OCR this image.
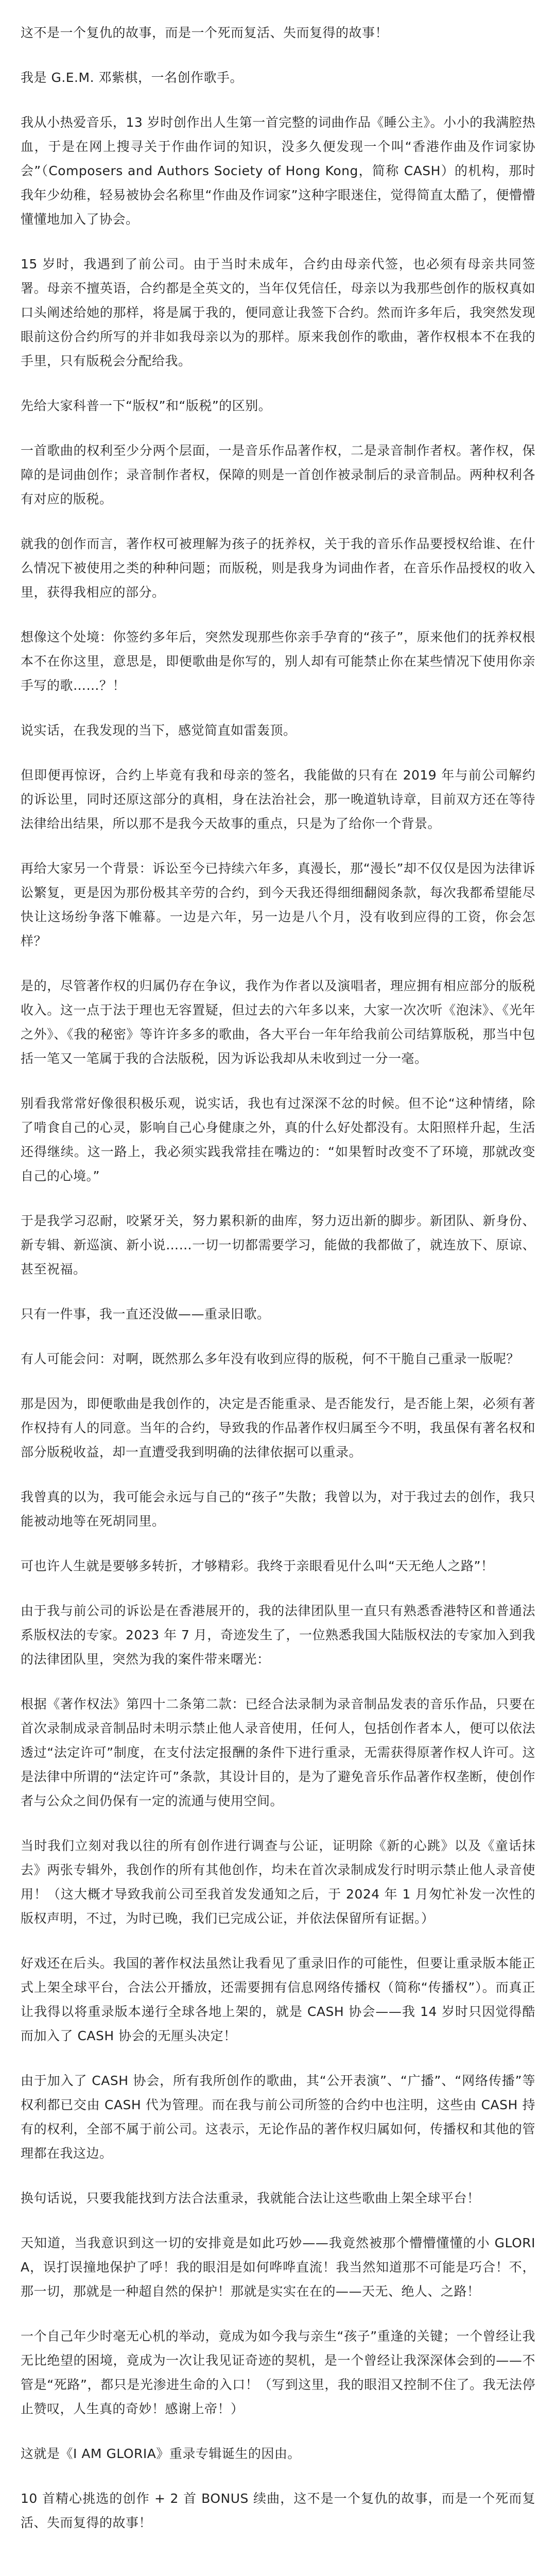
这不是一个复仇的故事，而是一个死而复活、失而复得的故事！

我是 G.E.M. 邓紫棋，一名创作歌手。

我从小热爱音乐，13 岁时创作出人生第一首完整的词曲作品《睡公主》。小小的我满腔热血，于是在网上搜寻关于作曲作词的知识，没多久便发现一个叫“香港作曲及作词家协会”（Composers and Authors Society of Hong Kong，简称 CASH）的机构，那时我年少幼稚，轻易被协会名称里“作曲及作词家”这种字眼迷住，觉得简直太酷了，便懵懵懂懂地加入了协会。

15 岁时，我遇到了前公司。由于当时未成年，合约由母亲代签，也必须有母亲共同签署。母亲不擅英语，合约都是全英文的，当年仅凭信任，母亲以为我那些创作的版权真如口头阐述给她的那样，将是属于我的，便同意让我签下合约。然而许多年后，我突然发现眼前这份合约所写的并非如我母亲以为的那样。原来我创作的歌曲，著作权根本不在我的手里，只有版税会分配给我。

先给大家科普一下“版权”和“版税”的区别。

一首歌曲的权利至少分两个层面，一是音乐作品著作权，二是录音制作者权。著作权，保障的是词曲创作；录音制作者权，保障的则是一首创作被录制后的录音制品。两种权利各有对应的版税。

就我的创作而言，著作权可被理解为孩子的抚养权，关于我的音乐作品要授权给谁、在什么情况下被使用之类的种种问题；而版税，则是我身为词曲作者，在音乐作品授权的收入里，获得我相应的部分。

想像这个处境：你签约多年后，突然发现那些你亲手孕育的“孩子”，原来他们的抚养权根本不在你这里，意思是，即便歌曲是你写的，别人却有可能禁止你在某些情况下使用你亲手写的歌……？！

说实话，在我发现的当下，感觉简直如雷轰顶。

但即便再惊讶，合约上毕竟有我和母亲的签名，我能做的只有在 2019 年与前公司解约的诉讼里，同时还原这部分的真相，身在法治社会，那一晚道轨诗章，目前双方还在等待法律给出结果，所以那不是我今天故事的重点，只是为了给你一个背景。

再给大家另一个背景：诉讼至今已持续六年多，真漫长，那“漫长”却不仅仅是因为法律诉讼繁复，更是因为那份极其辛劳的合约，到今天我还得细细翻阅条款，每次我都希望能尽快让这场纷争落下帷幕。一边是六年，另一边是八个月，没有收到应得的工资，你会怎样？

是的，尽管著作权的归属仍存在争议，我作为作者以及演唱者，理应拥有相应部分的版税收入。这一点于法于理也无容置疑，但过去的六年多以来，大家一次次听《泡沫》、《光年之外》、《我的秘密》等许许多多的歌曲，各大平台一年年给我前公司结算版税，那当中包括一笔又一笔属于我的合法版税，因为诉讼我却从未收到过一分一毫。

别看我常常好像很积极乐观，说实话，我也有过深深不忿的时候。但不论“这种情绪，除了啃食自己的心灵，影响自己心身健康之外，真的什么好处都没有。太阳照样升起，生活还得继续。这一路上，我必须实践我常挂在嘴边的：“如果暂时改变不了环境，那就改变自己的心境。”

于是我学习忍耐，咬紧牙关，努力累积新的曲库，努力迈出新的脚步。新团队、新身份、新专辑、新巡演、新小说……一切一切都需要学习，能做的我都做了，就连放下、原谅、甚至祝福。

只有一件事，我一直还没做——重录旧歌。

有人可能会问：对啊，既然那么多年没有收到应得的版税，何不干脆自己重录一版呢？

那是因为，即便歌曲是我创作的，决定是否能重录、是否能发行，是否能上架，必须有著作权持有人的同意。当年的合约，导致我的作品著作权归属至今不明，我虽保有著名权和部分版税收益，却一直遭受我到明确的法律依据可以重录。

我曾真的以为，我可能会永远与自己的“孩子”失散；我曾以为，对于我过去的创作，我只能被动地等在死胡同里。

可也许人生就是要够多转折，才够精彩。我终于亲眼看见什么叫“天无绝人之路”！

由于我与前公司的诉讼是在香港展开的，我的法律团队里一直只有熟悉香港特区和普通法系版权法的专家。2023 年 7 月，奇迹发生了，一位熟悉我国大陆版权法的专家加入到我的法律团队里，突然为我的案件带来曙光：

根据《著作权法》第四十二条第二款：已经合法录制为录音制品发表的音乐作品，只要在首次录制成录音制品时未明示禁止他人录音使用，任何人，包括创作者本人，便可以依法透过“法定许可”制度，在支付法定报酬的条件下进行重录，无需获得原著作权人许可。这是法律中所谓的“法定许可”条款，其设计目的，是为了避免音乐作品著作权垄断，使创作者与公众之间仍保有一定的流通与使用空间。

当时我们立刻对我以往的所有创作进行调查与公证，证明除《新的心跳》以及《童话抹去》两张专辑外，我创作的所有其他创作，均未在首次录制成发行时明示禁止他人录音使用！（这大概才导致我前公司至我首发发通知之后，于 2024 年 1 月匆忙补发一次性的版权声明，不过，为时已晚，我们已完成公证，并依法保留所有证据。）

好戏还在后头。我国的著作权法虽然让我看见了重录旧作的可能性，但要让重录版本能正式上架全球平台，合法公开播放，还需要拥有信息网络传播权（简称“传播权”）。而真正让我得以将重录版本递行全球各地上架的，就是 CASH 协会——我 14 岁时只因觉得酷而加入了 CASH 协会的无厘头决定！

由于加入了 CASH 协会，所有我所创作的歌曲，其“公开表演”、“广播”、“网络传播”等权利都已交由 CASH 代为管理。而在我与前公司所签的合约中也注明，这些由 CASH 持有的权利，全部不属于前公司。这表示，无论作品的著作权归属如何，传播权和其他的管理都在我这边。

换句话说，只要我能找到方法合法重录，我就能合法让这些歌曲上架全球平台！

天知道，当我意识到这一切的安排竟是如此巧妙——我竟然被那个懵懵懂懂的小 GLORIA，误打误撞地保护了呼！我的眼泪是如何哗哗直流！我当然知道那不可能是巧合！不，那一切，那就是一种超自然的保护！那就是实实在在的——天无、绝人、之路！

一个自己年少时毫无心机的举动，竟成为如今我与亲生“孩子”重逢的关键；一个曾经让我无比绝望的困境，竟成为一次让我见证奇迹的契机，是一个曾经让我深深体会到的——不管是“死路”，都只是光渗进生命的入口！（写到这里，我的眼泪又控制不住了。我无法停止赞叹，人生真的奇妙！感谢上帝！）

这就是《I AM GLORIA》重录专辑诞生的因由。

10 首精心挑选的创作 + 2 首 BONUS 续曲，这不是一个复仇的故事，而是一个死而复活、失而复得的故事！
